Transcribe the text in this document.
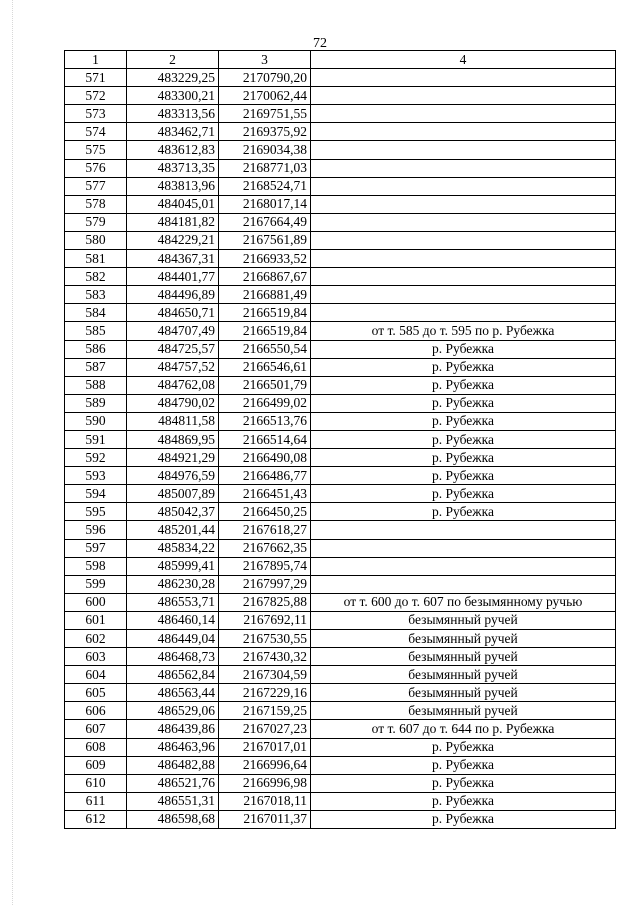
72
1	2	3	4
571	483229,25	2170790,20	
572	483300,21	2170062,44	
573	483313,56	2169751,55	
574	483462,71	2169375,92	
575	483612,83	2169034,38	
576	483713,35	2168771,03	
577	483813,96	2168524,71	
578	484045,01	2168017,14	
579	484181,82	2167664,49	
580	484229,21	2167561,89	
581	484367,31	2166933,52	
582	484401,77	2166867,67	
583	484496,89	2166881,49	
584	484650,71	2166519,84	
585	484707,49	2166519,84	от т. 585 до т. 595 по р. Рубежка
586	484725,57	2166550,54	р. Рубежка
587	484757,52	2166546,61	р. Рубежка
588	484762,08	2166501,79	р. Рубежка
589	484790,02	2166499,02	р. Рубежка
590	484811,58	2166513,76	р. Рубежка
591	484869,95	2166514,64	р. Рубежка
592	484921,29	2166490,08	р. Рубежка
593	484976,59	2166486,77	р. Рубежка
594	485007,89	2166451,43	р. Рубежка
595	485042,37	2166450,25	р. Рубежка
596	485201,44	2167618,27	
597	485834,22	2167662,35	
598	485999,41	2167895,74	
599	486230,28	2167997,29	
600	486553,71	2167825,88	от т. 600 до т. 607 по безымянному ручью
601	486460,14	2167692,11	безымянный ручей
602	486449,04	2167530,55	безымянный ручей
603	486468,73	2167430,32	безымянный ручей
604	486562,84	2167304,59	безымянный ручей
605	486563,44	2167229,16	безымянный ручей
606	486529,06	2167159,25	безымянный ручей
607	486439,86	2167027,23	от т. 607 до т. 644 по р. Рубежка
608	486463,96	2167017,01	р. Рубежка
609	486482,88	2166996,64	р. Рубежка
610	486521,76	2166996,98	р. Рубежка
611	486551,31	2167018,11	р. Рубежка
612	486598,68	2167011,37	р. Рубежка
